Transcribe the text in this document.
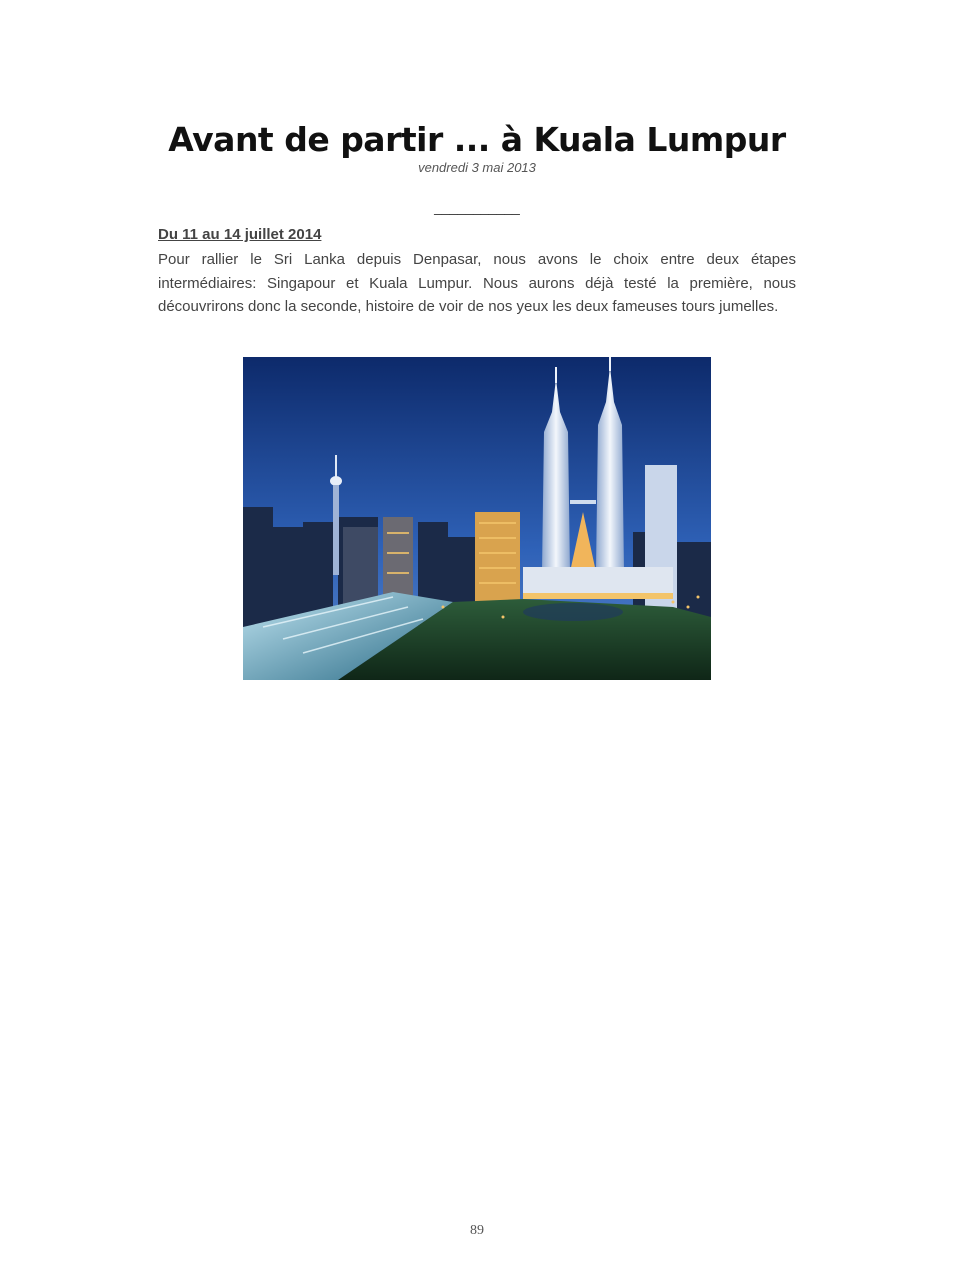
Avant de partir ... à Kuala Lumpur
vendredi 3 mai 2013
___________
Du 11 au 14 juillet 2014

Pour rallier le Sri Lanka depuis Denpasar, nous avons le choix entre deux étapes intermédiaires: Singapour et Kuala Lumpur. Nous aurons déjà testé la première, nous découvrirons donc la seconde, histoire de voir de nos yeux les deux fameuses tours jumelles.

89
